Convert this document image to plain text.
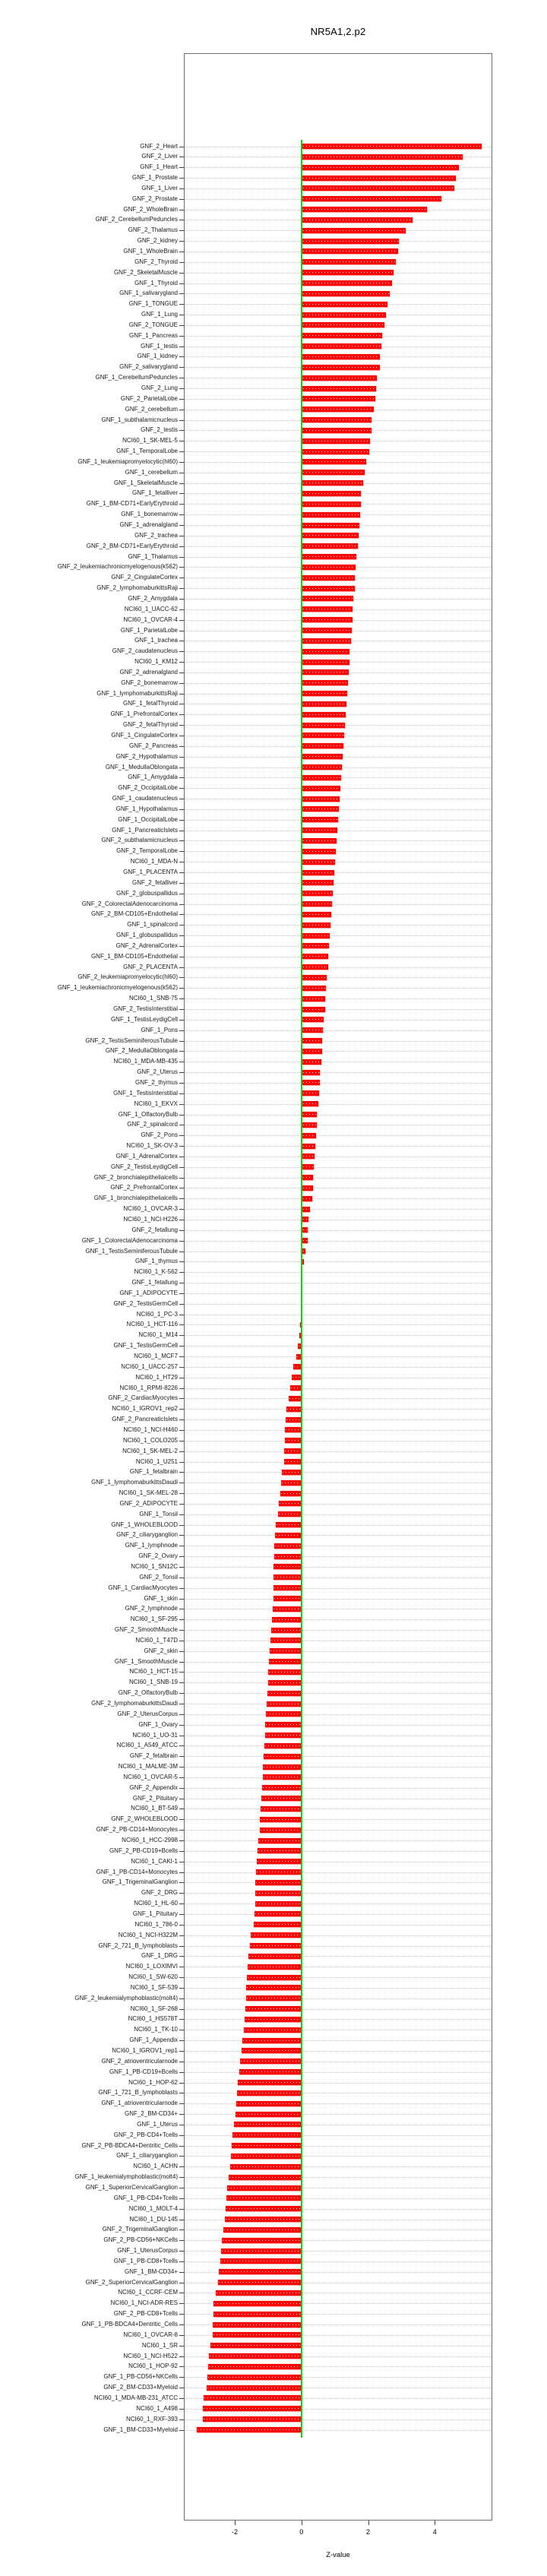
NR5A1,2.p2
GNF_2_Heart
GNF_2_Liver
GNF_1_Heart
GNF_1_Prostate
GNF_1_Liver
GNF_2_Prostate
GNF_2_WholeBrain
GNF_2_CerebellumPeduncles
GNF_2_Thalamus
GNF_2_kidney
GNF_1_WholeBrain
GNF_2_Thyroid
GNF_2_SkeletalMuscle
GNF_1_Thyroid
GNF_1_salivarygland
GNF_1_TONGUE
GNF_1_Lung
GNF_2_TONGUE
GNF_1_Pancreas
GNF_1_testis
GNF_1_kidney
GNF_2_salivarygland
GNF_1_CerebellumPeduncles
GNF_2_Lung
GNF_2_ParietalLobe
GNF_2_cerebellum
GNF_1_subthalamicnucleus
GNF_2_testis
NCI60_1_SK-MEL-5
GNF_1_TemporalLobe
GNF_1_leukemiapromyelocytic(hl60)
GNF_1_cerebellum
GNF_1_SkeletalMuscle
GNF_1_fetalliver
GNF_1_BM-CD71+EarlyErythroid
GNF_1_bonemarrow
GNF_1_adrenalgland
GNF_2_trachea
GNF_2_BM-CD71+EarlyErythroid
GNF_1_Thalamus
GNF_2_leukemiachronicmyelogenous(k562)
GNF_2_CingulateCortex
GNF_2_lymphomaburkittsRaji
GNF_2_Amygdala
NCI60_1_UACC-62
NCI60_1_OVCAR-4
GNF_1_ParietalLobe
GNF_1_trachea
GNF_2_caudatenucleus
NCI60_1_KM12
GNF_2_adrenalgland
GNF_2_bonemarrow
GNF_1_lymphomaburkittsRaji
GNF_1_fetalThyroid
GNF_1_PrefrontalCortex
GNF_2_fetalThyroid
GNF_1_CingulateCortex
GNF_2_Pancreas
GNF_2_Hypothalamus
GNF_1_MedullaOblongata
GNF_1_Amygdala
GNF_2_OccipitalLobe
GNF_1_caudatenucleus
GNF_1_Hypothalamus
GNF_1_OccipitalLobe
GNF_1_PancreaticIslets
GNF_2_subthalamicnucleus
GNF_2_TemporalLobe
NCI60_1_MDA-N
GNF_1_PLACENTA
GNF_2_fetalliver
GNF_2_globuspallidus
GNF_2_ColorectalAdenocarcinoma
GNF_2_BM-CD105+Endothelial
GNF_1_spinalcord
GNF_1_globuspallidus
GNF_2_AdrenalCortex
GNF_1_BM-CD105+Endothelial
GNF_2_PLACENTA
GNF_2_leukemiapromyelocytic(hl60)
GNF_1_leukemiachronicmyelogenous(k562)
NCI60_1_SNB-75
GNF_2_TestisInterstitial
GNF_1_TestisLeydigCell
GNF_1_Pons
GNF_2_TestisSeminiferousTubule
GNF_2_MedullaOblongata
NCI60_1_MDA-MB-435
GNF_2_Uterus
GNF_2_thymus
GNF_1_TestisInterstitial
NCI60_1_EKVX
GNF_1_OlfactoryBulb
GNF_2_spinalcord
GNF_2_Pons
NCI60_1_SK-OV-3
GNF_1_AdrenalCortex
GNF_2_TestisLeydigCell
GNF_2_bronchialepithelialcells
GNF_2_PrefrontalCortex
GNF_1_bronchialepithelialcells
NCI60_1_OVCAR-3
NCI60_1_NCI-H226
GNF_2_fetallung
GNF_1_ColorectalAdenocarcinoma
GNF_1_TestisSeminiferousTubule
GNF_1_thymus
NCI60_1_K-562
GNF_1_fetallung
GNF_1_ADIPOCYTE
GNF_2_TestisGermCell
NCI60_1_PC-3
NCI60_1_HCT-116
NCI60_1_M14
GNF_1_TestisGermCell
NCI60_1_MCF7
NCI60_1_UACC-257
NCI60_1_HT29
NCI60_1_RPMI-8226
GNF_2_CardiacMyocytes
NCI60_1_IGROV1_rep2
GNF_2_PancreaticIslets
NCI60_1_NCI-H460
NCI60_1_COLO205
NCI60_1_SK-MEL-2
NCI60_1_U251
GNF_1_fetalbrain
GNF_1_lymphomaburkittsDaudi
NCI60_1_SK-MEL-28
GNF_2_ADIPOCYTE
GNF_1_Tonsil
GNF_1_WHOLEBLOOD
GNF_2_ciliaryganglion
GNF_1_lymphnode
GNF_2_Ovary
NCI60_1_SN12C
GNF_2_Tonsil
GNF_1_CardiacMyocytes
GNF_1_skin
GNF_2_lymphnode
NCI60_1_SF-295
GNF_2_SmoothMuscle
NCI60_1_T47D
GNF_2_skin
GNF_1_SmoothMuscle
NCI60_1_HCT-15
NCI60_1_SNB-19
GNF_2_OlfactoryBulb
GNF_2_lymphomaburkittsDaudi
GNF_2_UterusCorpus
GNF_1_Ovary
NCI60_1_UO-31
NCI60_1_A549_ATCC
GNF_2_fetalbrain
NCI60_1_MALME-3M
NCI60_1_OVCAR-5
GNF_2_Appendix
GNF_2_Pituitary
NCI60_1_BT-549
GNF_2_WHOLEBLOOD
GNF_2_PB-CD14+Monocytes
NCI60_1_HCC-2998
GNF_2_PB-CD19+Bcells
NCI60_1_CAKI-1
GNF_1_PB-CD14+Monocytes
GNF_1_TrigeminalGanglion
GNF_2_DRG
NCI60_1_HL-60
GNF_1_Pituitary
NCI60_1_786-0
NCI60_1_NCI-H322M
GNF_2_721_B_lymphoblasts
GNF_1_DRG
NCI60_1_LOXIMVI
NCI60_1_SW-620
NCI60_1_SF-539
GNF_2_leukemialymphoblastic(molt4)
NCI60_1_SF-268
NCI60_1_HS578T
NCI60_1_TK-10
GNF_1_Appendix
NCI60_1_IGROV1_rep1
GNF_2_atrioventricularnode
GNF_1_PB-CD19+Bcells
NCI60_1_HOP-62
GNF_1_721_B_lymphoblasts
GNF_1_atrioventricularnode
GNF_2_BM-CD34+
GNF_1_Uterus
GNF_2_PB-CD4+Tcells
GNF_2_PB-BDCA4+Dentritic_Cells
GNF_1_ciliaryganglion
NCI60_1_ACHN
GNF_1_leukemialymphoblastic(molt4)
GNF_1_SuperiorCervicalGanglion
GNF_1_PB-CD4+Tcells
NCI60_1_MOLT-4
NCI60_1_DU-145
GNF_2_TrigeminalGanglion
GNF_2_PB-CD56+NKCells
GNF_1_UterusCorpus
GNF_1_PB-CD8+Tcells
GNF_1_BM-CD34+
GNF_2_SuperiorCervicalGanglion
NCI60_1_CCRF-CEM
NCI60_1_NCI-ADR-RES
GNF_2_PB-CD8+Tcells
GNF_1_PB-BDCA4+Dentritic_Cells
NCI60_1_OVCAR-8
NCI60_1_SR
NCI60_1_NCI-H522
NCI60_1_HOP-92
GNF_1_PB-CD56+NKCells
GNF_2_BM-CD33+Myeloid
NCI60_1_MDA-MB-231_ATCC
NCI60_1_A498
NCI60_1_RXF-393
GNF_1_BM-CD33+Myeloid
-2	0	2	4
Z-value
